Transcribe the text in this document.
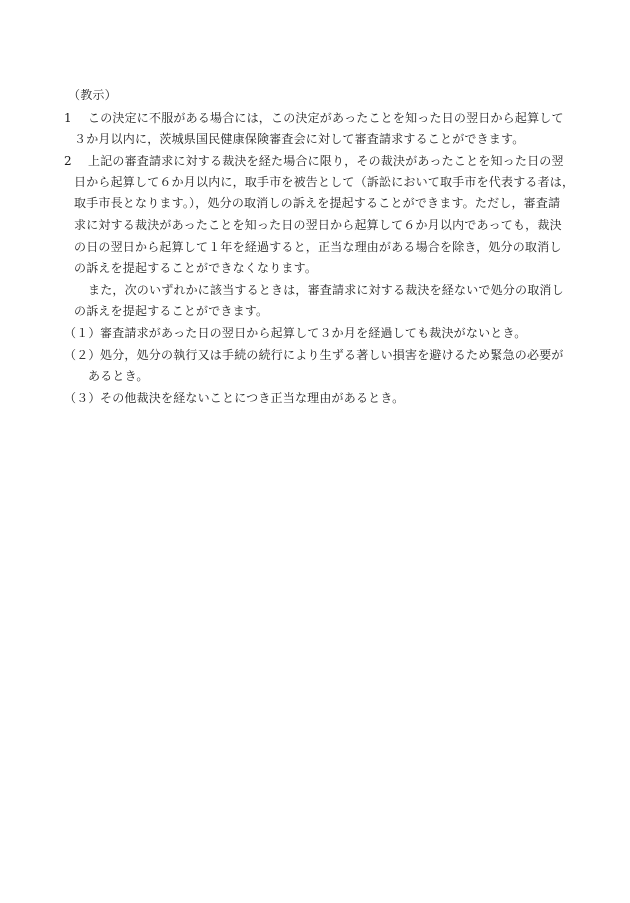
（教示）
1 この決定に不服がある場合には，この決定があったことを知った日の翌日から起算して
３か月以内に，茨城県国民健康保険審査会に対して審査請求することができます。
2 上記の審査請求に対する裁決を経た場合に限り，その裁決があったことを知った日の翌
日から起算して６か月以内に，取手市を被告として（訴訟において取手市を代表する者は，
取手市長となります。），処分の取消しの訴えを提起することができます。ただし，審査請
求に対する裁決があったことを知った日の翌日から起算して６か月以内であっても，裁決
の日の翌日から起算して１年を経過すると，正当な理由がある場合を除き，処分の取消し
の訴えを提起することができなくなります。
また，次のいずれかに該当するときは，審査請求に対する裁決を経ないで処分の取消し
の訴えを提起することができます。
（１） 審査請求があった日の翌日から起算して３か月を経過しても裁決がないとき。
（２） 処分，処分の執行又は手続の続行により生ずる著しい損害を避けるため緊急の必要が
あるとき。
（３） その他裁決を経ないことにつき正当な理由があるとき。
